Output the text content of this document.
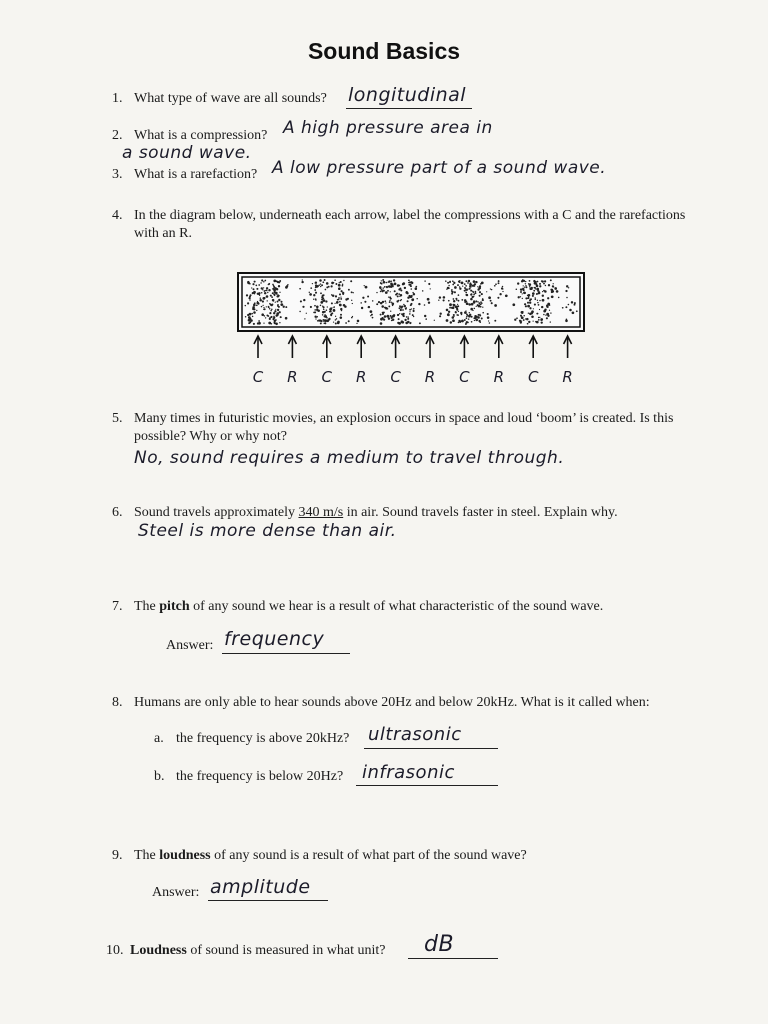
Sound Basics
1. What type of wave are all sounds? longitudinal
2. What is a compression? A high pressure area in
a sound wave.
3. What is a rarefaction? A low pressure part of a sound wave.
4. In the diagram below, underneath each arrow, label the compressions with a C and the rarefactions
with an R.
C R C R C R C R C R
5. Many times in futuristic movies, an explosion occurs in space and loud ‘boom’ is created. Is this
possible? Why or why not?
No, sound requires a medium to travel through.
6. Sound travels approximately 340 m/s in air. Sound travels faster in steel. Explain why.
Steel is more dense than air.
7. The pitch of any sound we hear is a result of what characteristic of the sound wave.
Answer: frequency
8. Humans are only able to hear sounds above 20Hz and below 20kHz. What is it called when:
a. the frequency is above 20kHz? ultrasonic
b. the frequency is below 20Hz? infrasonic
9. The loudness of any sound is a result of what part of the sound wave?
Answer: amplitude
10. Loudness of sound is measured in what unit? dB
